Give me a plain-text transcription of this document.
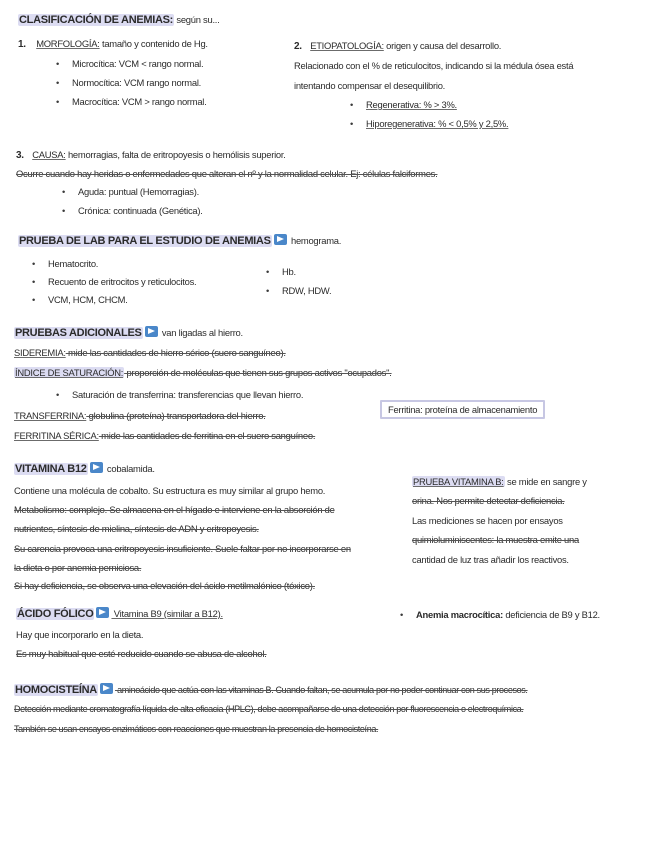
CLASIFICACIÓN DE ANEMIAS: según su...
1. MORFOLOGÍA: tamaño y contenido de Hg.
• Microcítica: VCM < rango normal.
• Normocítica: VCM rango normal.
• Macrocítica: VCM > rango normal.
2. ETIOPATOLOGÍA: origen y causa del desarrollo.
Relacionado con el % de reticulocitos, indicando si la médula ósea está
intentando compensar el desequilibrio.
• Regenerativa: % > 3%.
• Hiporegenerativa: % < 0,5% y 2,5%.
3. CAUSA: hemorragias, falta de eritropoyesis o hemólisis superior.
Ocurre cuando hay heridas o enfermedades que alteran el nº y la normalidad celular. Ej: células falciformes.
• Aguda: puntual (Hemorragias).
• Crónica: continuada (Genética).
PRUEBA DE LAB PARA EL ESTUDIO DE ANEMIAS hemograma.
• Hematocrito.
• Recuento de eritrocitos y reticulocitos.
• VCM, HCM, CHCM.
• Hb.
• RDW, HDW.
PRUEBAS ADICIONALES van ligadas al hierro.
SIDEREMIA: mide las cantidades de hierro sérico (suero sanguíneo).
ÍNDICE DE SATURACIÓN: proporción de moléculas que tienen sus grupos activos "ocupados".
• Saturación de transferrina: transferencias que llevan hierro.
TRANSFERRINA: globulina (proteína) transportadora del hierro.
FERRITINA SÉRICA: mide las cantidades de ferritina en el suero sanguíneo.
Ferritina: proteína de almacenamiento
VITAMINA B12 cobalamida.
Contiene una molécula de cobalto. Su estructura es muy similar al grupo hemo.
Metabolismo: complejo. Se almacena en el hígado e interviene en la absorción de
nutrientes, síntesis de mielina, síntesis de ADN y eritropoyesis.
Su carencia provoca una eritropoyesis insuficiente. Suele faltar por no incorporarse en
la dieta o por anemia perniciosa.
Si hay deficiencia, se observa una elevación del ácido metilmalónico (tóxico).
PRUEBA VITAMINA B: se mide en sangre y
orina. Nos permite detectar deficiencia.
Las mediciones se hacen por ensayos
quimioluminiscentes: la muestra emite una
cantidad de luz tras añadir los reactivos.
ÁCIDO FÓLICO Vitamina B9 (similar a B12).
Hay que incorporarlo en la dieta.
Es muy habitual que esté reducido cuando se abusa de alcohol.
• Anemia macrocítica: deficiencia de B9 y B12.
HOMOCISTEÍNA aminoácido que actúa con las vitaminas B. Cuando faltan, se acumula por no poder continuar con sus procesos.
Detección mediante cromatografía líquida de alta eficacia (HPLC), debe acompañarse de una detección por fluorescencia o electroquímica.
También se usan ensayos enzimáticos con reacciones que muestran la presencia de homocisteína.
